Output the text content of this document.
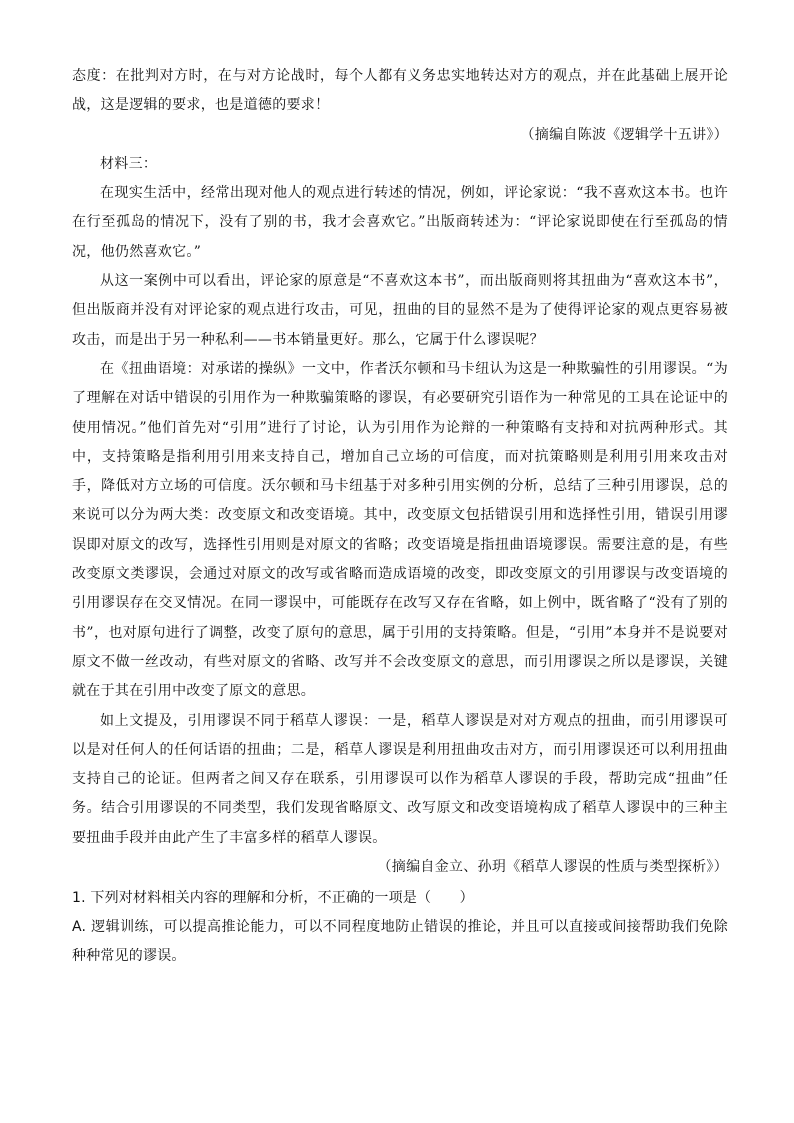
态度：在批判对方时，在与对方论战时，每个人都有义务忠实地转达对方的观点，并在此基础上展开论战，这是逻辑的要求，也是道德的要求！

（摘编自陈波《逻辑学十五讲》）

材料三：

在现实生活中，经常出现对他人的观点进行转述的情况，例如，评论家说：“我不喜欢这本书。也许在行至孤岛的情况下，没有了别的书，我才会喜欢它。”出版商转述为：“评论家说即使在行至孤岛的情况，他仍然喜欢它。”

从这一案例中可以看出，评论家的原意是“不喜欢这本书”，而出版商则将其扭曲为“喜欢这本书”，但出版商并没有对评论家的观点进行攻击，可见，扭曲的目的显然不是为了使得评论家的观点更容易被攻击，而是出于另一种私利——书本销量更好。那么，它属于什么谬误呢？

在《扭曲语境：对承诺的操纵》一文中，作者沃尔顿和马卡纽认为这是一种欺骗性的引用谬误。“为了理解在对话中错误的引用作为一种欺骗策略的谬误，有必要研究引语作为一种常见的工具在论证中的使用情况。”他们首先对“引用”进行了讨论，认为引用作为论辩的一种策略有支持和对抗两种形式。其中，支持策略是指利用引用来支持自己，增加自己立场的可信度，而对抗策略则是利用引用来攻击对手，降低对方立场的可信度。沃尔顿和马卡纽基于对多种引用实例的分析，总结了三种引用谬误，总的来说可以分为两大类：改变原文和改变语境。其中，改变原文包括错误引用和选择性引用，错误引用谬误即对原文的改写，选择性引用则是对原文的省略；改变语境是指扭曲语境谬误。需要注意的是，有些改变原文类谬误，会通过对原文的改写或省略而造成语境的改变，即改变原文的引用谬误与改变语境的引用谬误存在交叉情况。在同一谬误中，可能既存在改写又存在省略，如上例中，既省略了“没有了别的书”，也对原句进行了调整，改变了原句的意思，属于引用的支持策略。但是，“引用”本身并不是说要对原文不做一丝改动，有些对原文的省略、改写并不会改变原文的意思，而引用谬误之所以是谬误，关键就在于其在引用中改变了原文的意思。

如上文提及，引用谬误不同于稻草人谬误：一是，稻草人谬误是对对方观点的扭曲，而引用谬误可以是对任何人的任何话语的扭曲；二是，稻草人谬误是利用扭曲攻击对方，而引用谬误还可以利用扭曲支持自己的论证。但两者之间又存在联系，引用谬误可以作为稻草人谬误的手段，帮助完成“扭曲”任务。结合引用谬误的不同类型，我们发现省略原文、改写原文和改变语境构成了稻草人谬误中的三种主要扭曲手段并由此产生了丰富多样的稻草人谬误。

（摘编自金立、孙玥《稻草人谬误的性质与类型探析》）

1. 下列对材料相关内容的理解和分析，不正确的一项是（　　）

A. 逻辑训练，可以提高推论能力，可以不同程度地防止错误的推论，并且可以直接或间接帮助我们免除种种常见的谬误。
